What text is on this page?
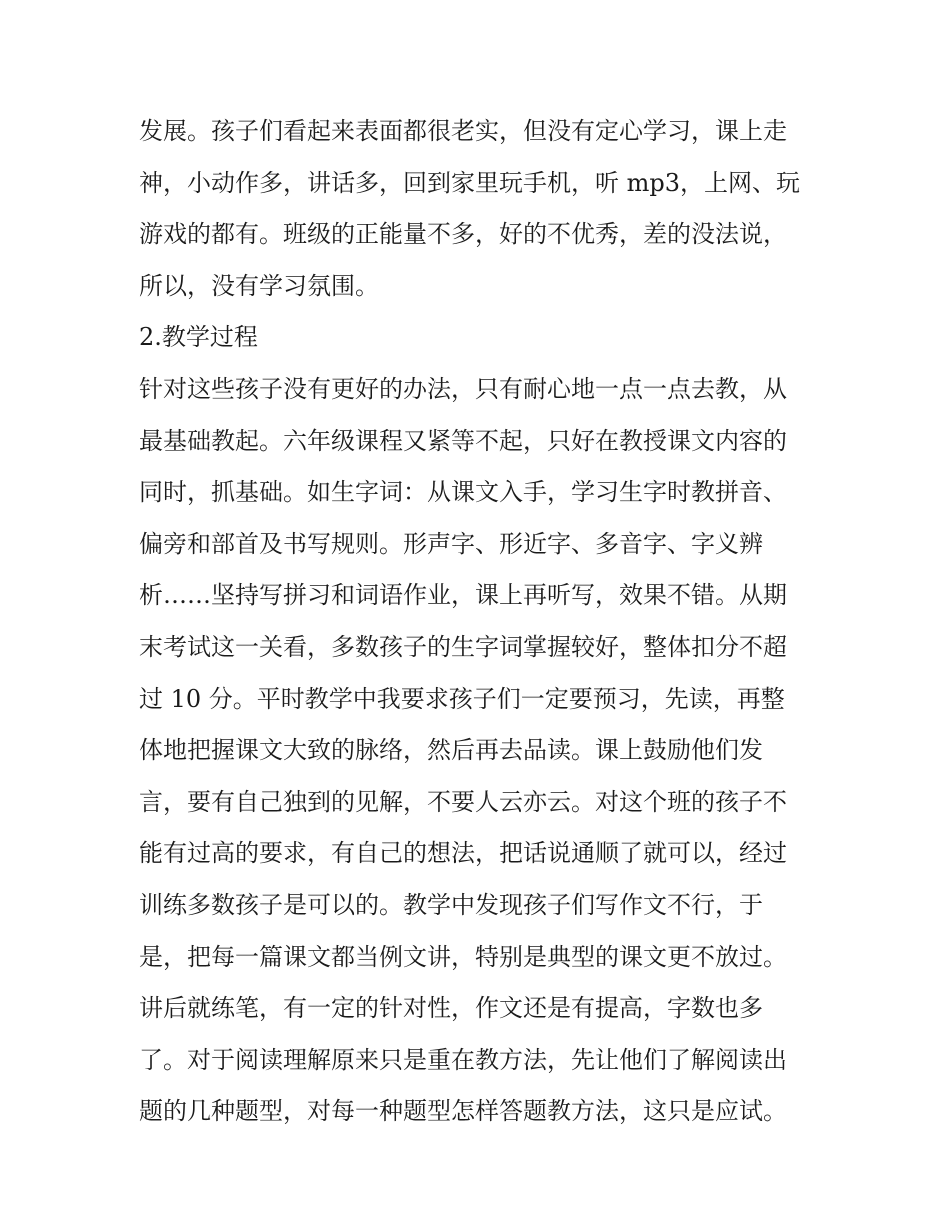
发展。孩子们看起来表面都很老实，但没有定心学习，课上走
神，小动作多，讲话多，回到家里玩手机，听 mp3，上网、玩
游戏的都有。班级的正能量不多，好的不优秀，差的没法说，
所以，没有学习氛围。
2.教学过程
针对这些孩子没有更好的办法，只有耐心地一点一点去教，从
最基础教起。六年级课程又紧等不起，只好在教授课文内容的
同时，抓基础。如生字词：从课文入手，学习生字时教拼音、
偏旁和部首及书写规则。形声字、形近字、多音字、字义辨
析……坚持写拼习和词语作业，课上再听写，效果不错。从期
末考试这一关看，多数孩子的生字词掌握较好，整体扣分不超
过 10 分。平时教学中我要求孩子们一定要预习，先读，再整
体地把握课文大致的脉络，然后再去品读。课上鼓励他们发
言，要有自己独到的见解，不要人云亦云。对这个班的孩子不
能有过高的要求，有自己的想法，把话说通顺了就可以，经过
训练多数孩子是可以的。教学中发现孩子们写作文不行，于
是，把每一篇课文都当例文讲，特别是典型的课文更不放过。
讲后就练笔，有一定的针对性，作文还是有提高，字数也多
了。对于阅读理解原来只是重在教方法，先让他们了解阅读出
题的几种题型，对每一种题型怎样答题教方法，这只是应试。
